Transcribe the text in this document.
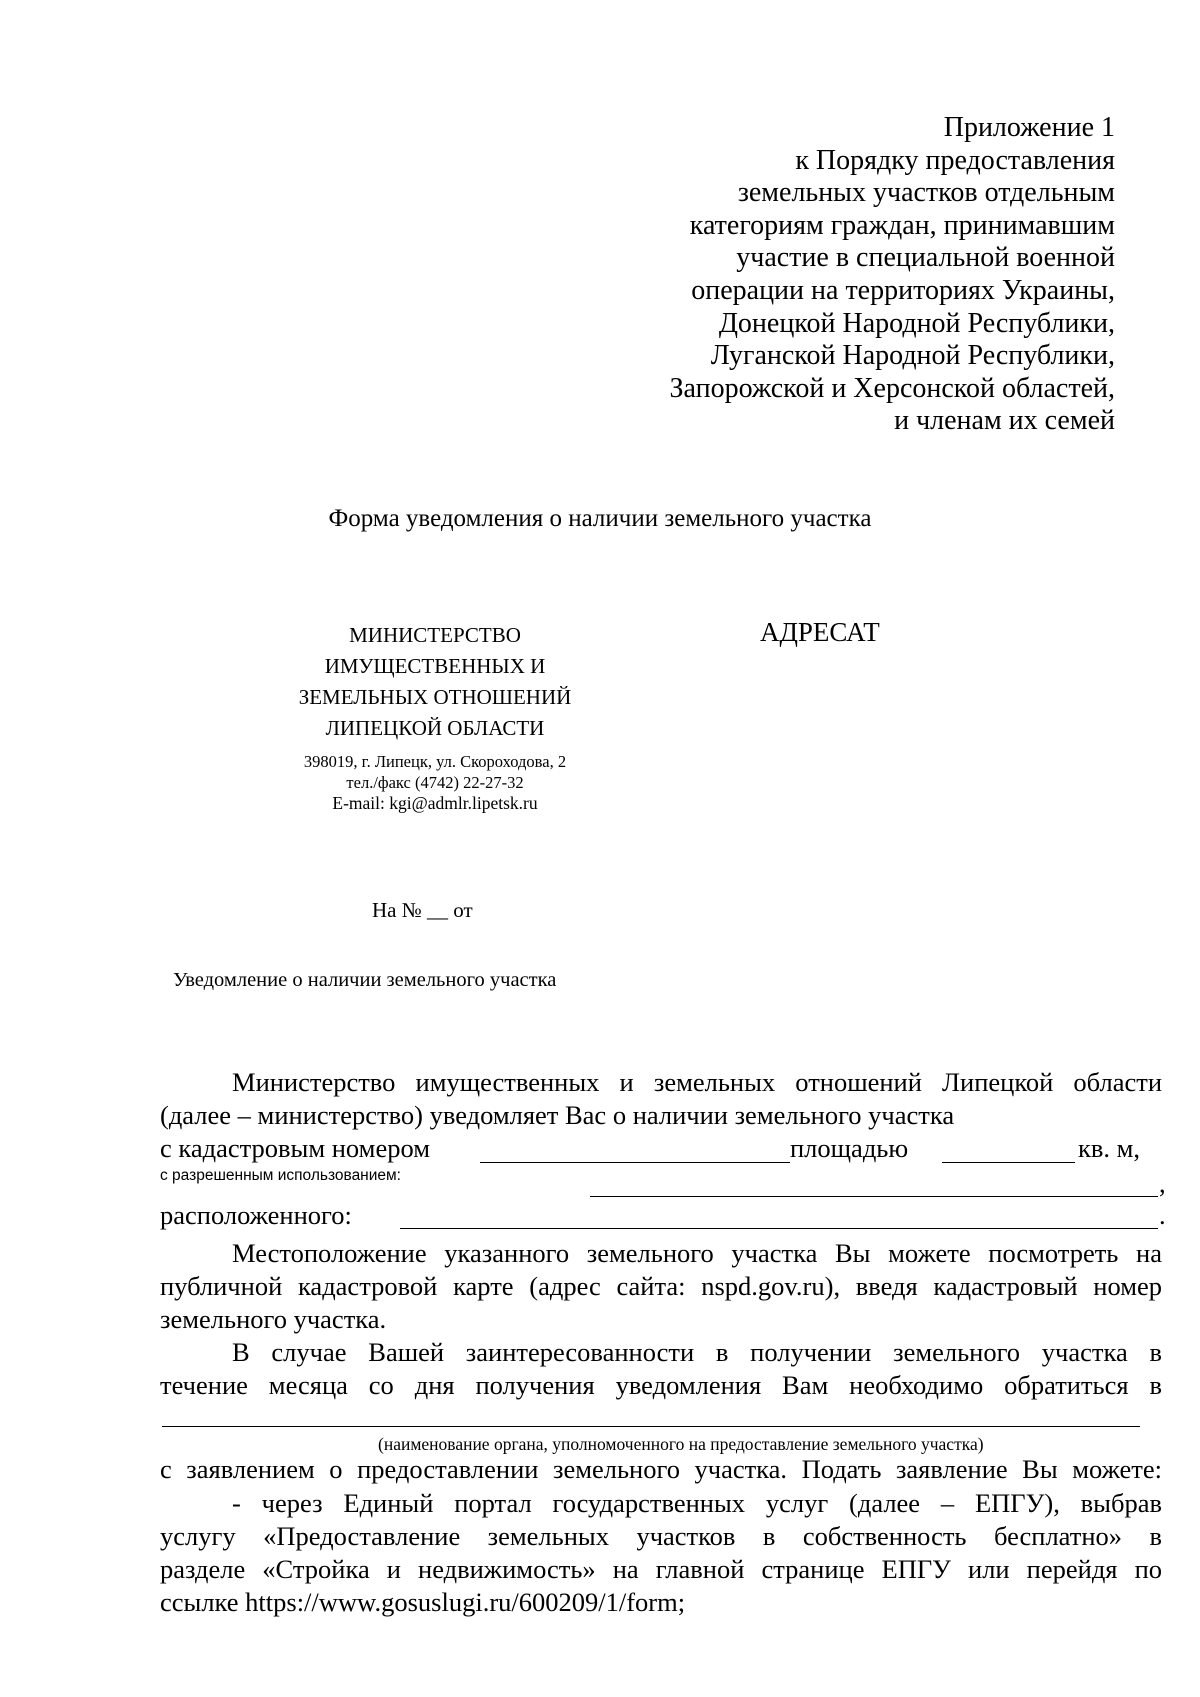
Приложение 1
к Порядку предоставления
земельных участков отдельным
категориям граждан, принимавшим
участие в специальной военной
операции на территориях Украины,
Донецкой Народной Республики,
Луганской Народной Республики,
Запорожской и Херсонской областей,
и членам их семей
Форма уведомления о наличии земельного участка
МИНИСТЕРСТВО
ИМУЩЕСТВЕННЫХ И
ЗЕМЕЛЬНЫХ ОТНОШЕНИЙ
ЛИПЕЦКОЙ ОБЛАСТИ
398019, г. Липецк, ул. Скороходова, 2
тел./факс (4742) 22-27-32
E-mail: kgi@admlr.lipetsk.ru
АДРЕСАТ
На № __ от
Уведомление о наличии земельного участка
Министерство имущественных и земельных отношений Липецкой области
(далее – министерство) уведомляет Вас о наличии земельного участка
с кадастровым номером	площадью	кв. м,
с разрешенным использованием:	,
расположенного:	.
Местоположение указанного земельного участка Вы можете посмотреть на
публичной кадастровой карте (адрес сайта: nspd.gov.ru), введя кадастровый номер
земельного участка.
В случае Вашей заинтересованности в получении земельного участка в
течение месяца со дня получения уведомления Вам необходимо обратиться в
(наименование органа, уполномоченного на предоставление земельного участка)
с заявлением о предоставлении земельного участка. Подать заявление Вы можете:
- через Единый портал государственных услуг (далее – ЕПГУ), выбрав
услугу «Предоставление земельных участков в собственность бесплатно» в
разделе «Стройка и недвижимость» на главной странице ЕПГУ или перейдя по
ссылке https://www.gosuslugi.ru/600209/1/form;
